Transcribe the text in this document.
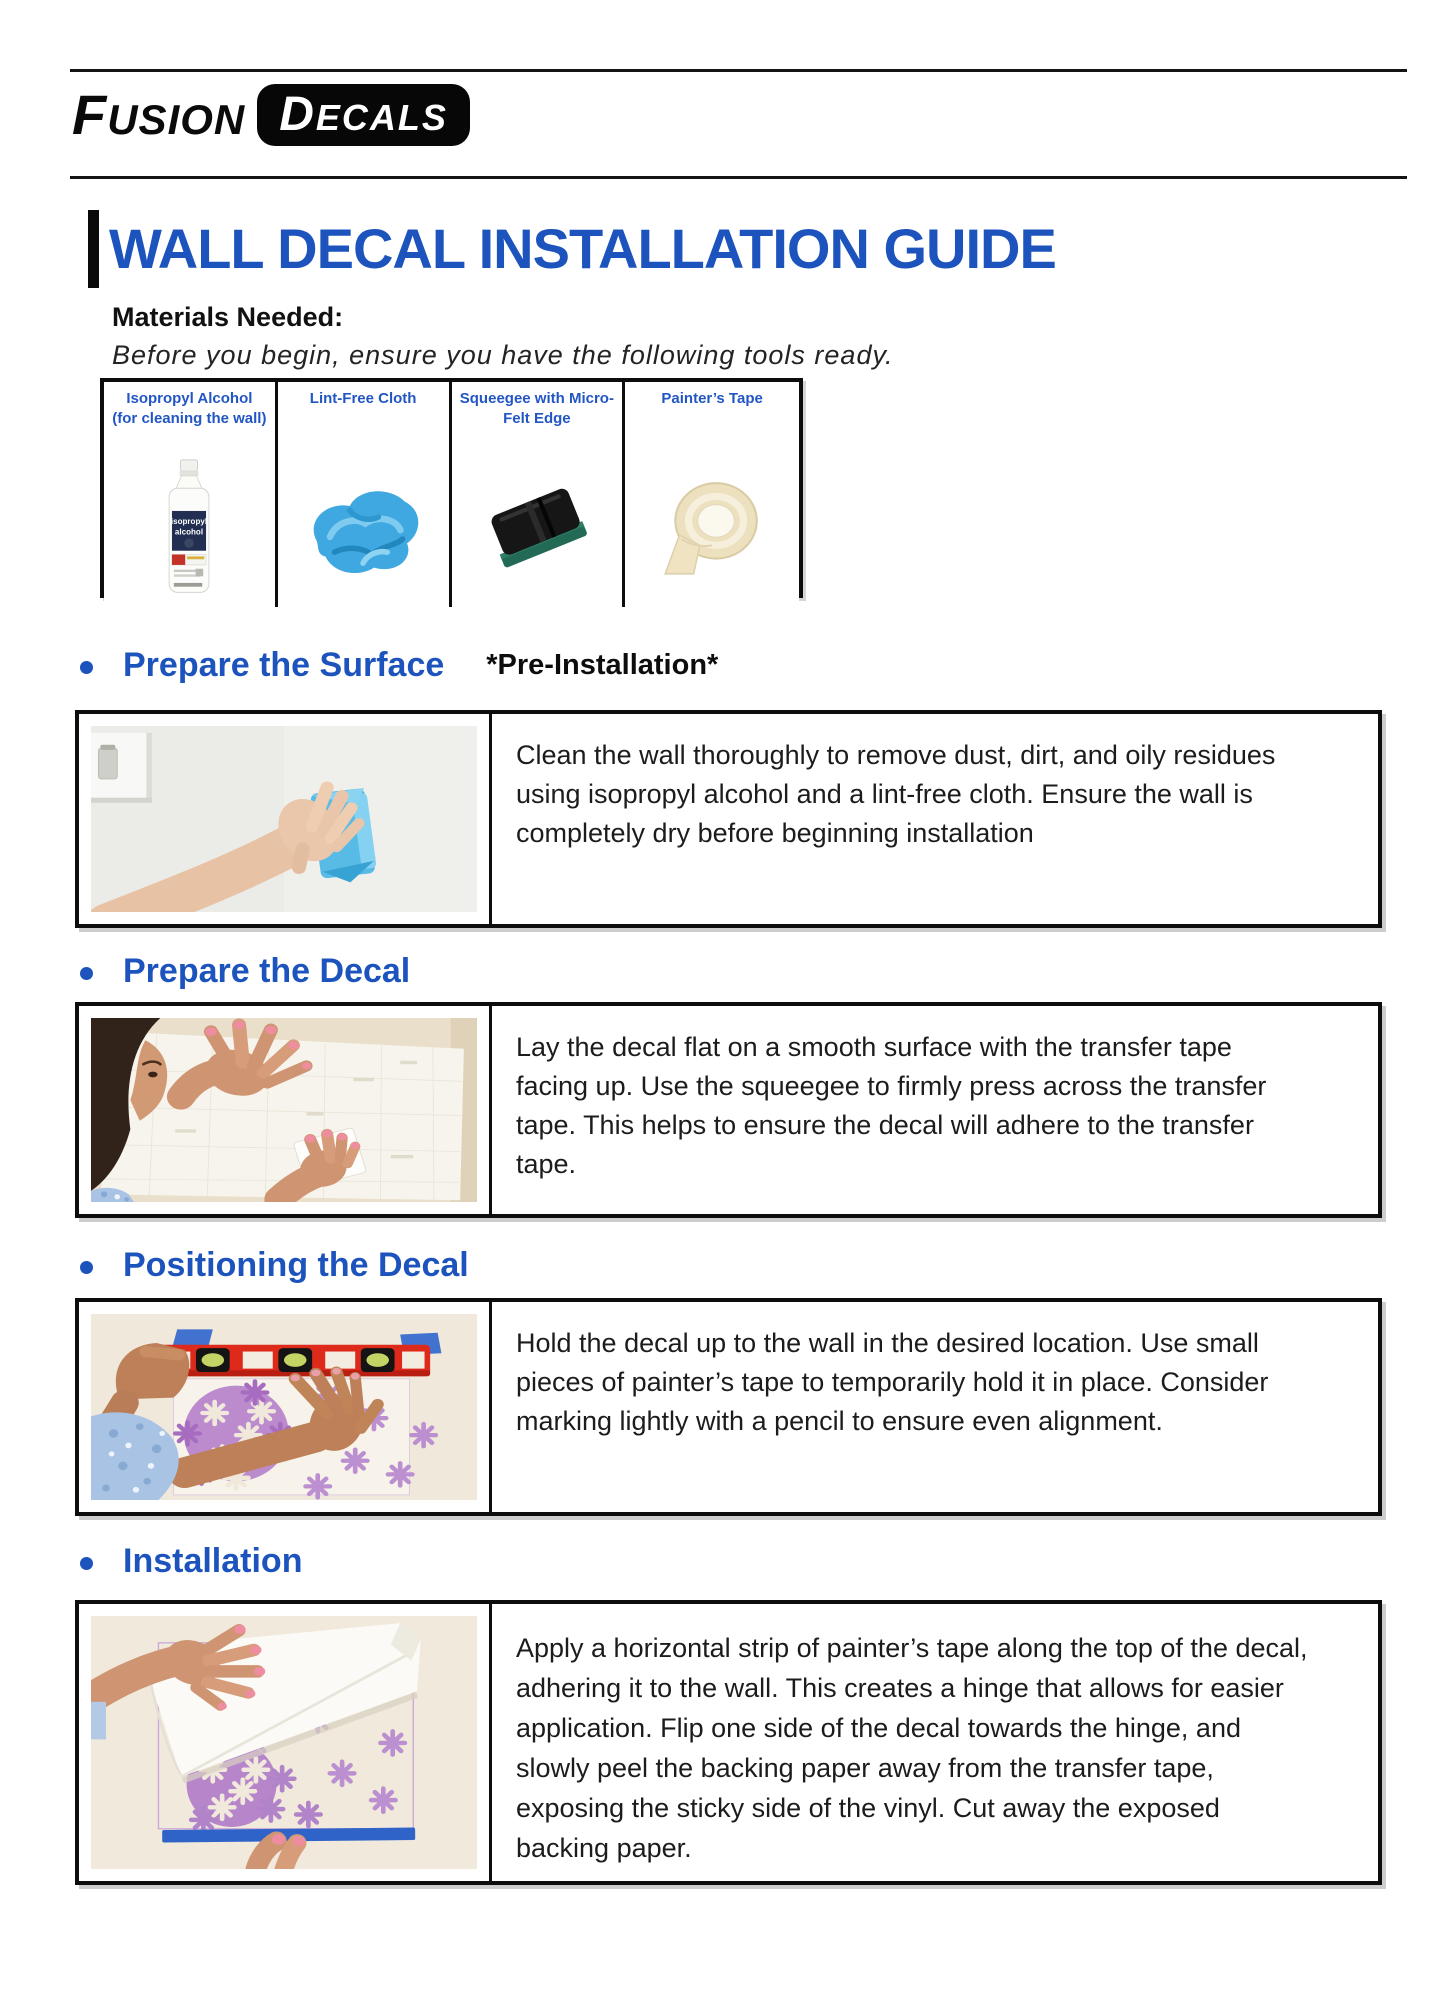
FUSION DECALS
WALL DECAL INSTALLATION GUIDE
Materials Needed:
Before you begin, ensure you have the following tools ready.
Isopropyl Alcohol (for cleaning the wall)
isopropyl
alcohol
Lint-Free Cloth	Squeegee with Micro-Felt Edge
Painter’s Tape
Prepare the Surface *Pre-Installation*
Clean the wall thoroughly to remove dust, dirt, and oily residues using isopropyl alcohol and a lint-free cloth. Ensure the wall is completely dry before beginning installation
Prepare the Decal
Lay the decal flat on a smooth surface with the transfer tape facing up. Use the squeegee to firmly press across the transfer tape. This helps to ensure the decal will adhere to the transfer tape.
Positioning the Decal
Hold the decal up to the wall in the desired location. Use small pieces of painter’s tape to temporarily hold it in place. Consider marking lightly with a pencil to ensure even alignment.
Installation
Apply a horizontal strip of painter’s tape along the top of the decal, adhering it to the wall. This creates a hinge that allows for easier application. Flip one side of the decal towards the hinge, and slowly peel the backing paper away from the transfer tape, exposing the sticky side of the vinyl. Cut away the exposed backing paper.
